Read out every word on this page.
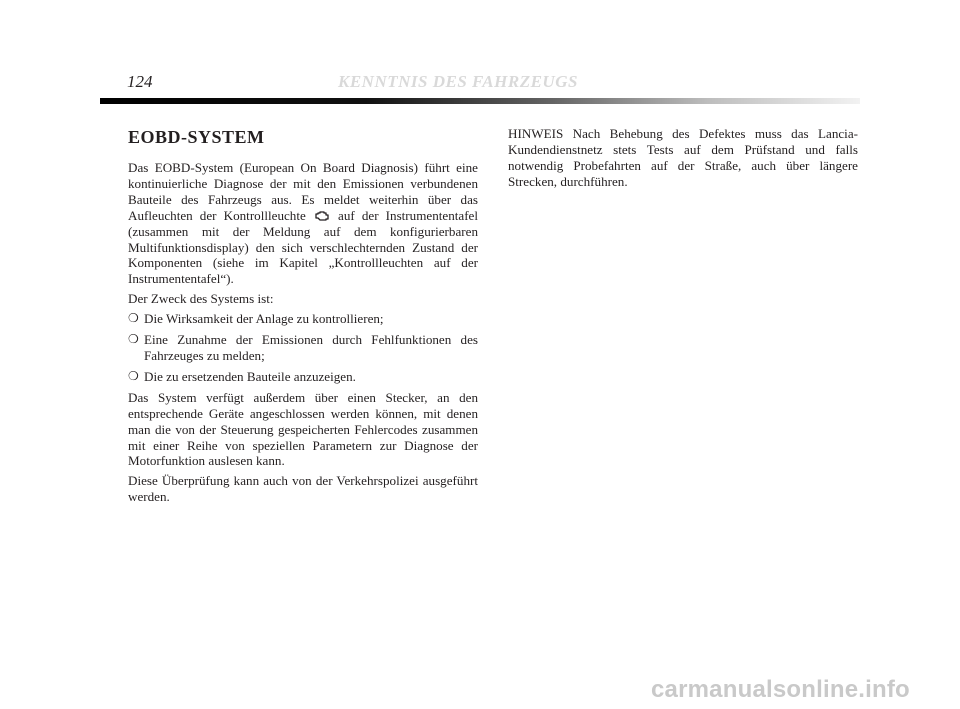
124	KENNTNIS DES FAHRZEUGS
EOBD-SYSTEM

Das EOBD-System (European On Board Diagnosis) führt eine kontinuierliche Diagnose der mit den Emissionen verbundenen Bauteile des Fahrzeugs aus. Es meldet weiterhin über das Aufleuchten der Kontrollleuchte auf der Instrumententafel (zusammen mit der Meldung auf dem konfigurierbaren Multifunktionsdisplay) den sich verschlechternden Zustand der Komponenten (siehe im Kapitel „Kontrollleuchten auf der Instrumententafel“).

Der Zweck des Systems ist:

❍ Die Wirksamkeit der Anlage zu kontrollieren;
❍ Eine Zunahme der Emissionen durch Fehlfunktionen des Fahrzeuges zu melden;
❍ Die zu ersetzenden Bauteile anzuzeigen.

Das System verfügt außerdem über einen Stecker, an den entsprechende Geräte angeschlossen werden können, mit denen man die von der Steuerung gespeicherten Fehlercodes zusammen mit einer Reihe von speziellen Parametern zur Diagnose der Motorfunktion auslesen kann.

Diese Überprüfung kann auch von der Verkehrspolizei ausgeführt werden.

HINWEIS Nach Behebung des Defektes muss das Lancia-Kundendienstnetz stets Tests auf dem Prüfstand und falls notwendig Probefahrten auf der Straße, auch über längere Strecken, durchführen.

carmanualsonline.info
